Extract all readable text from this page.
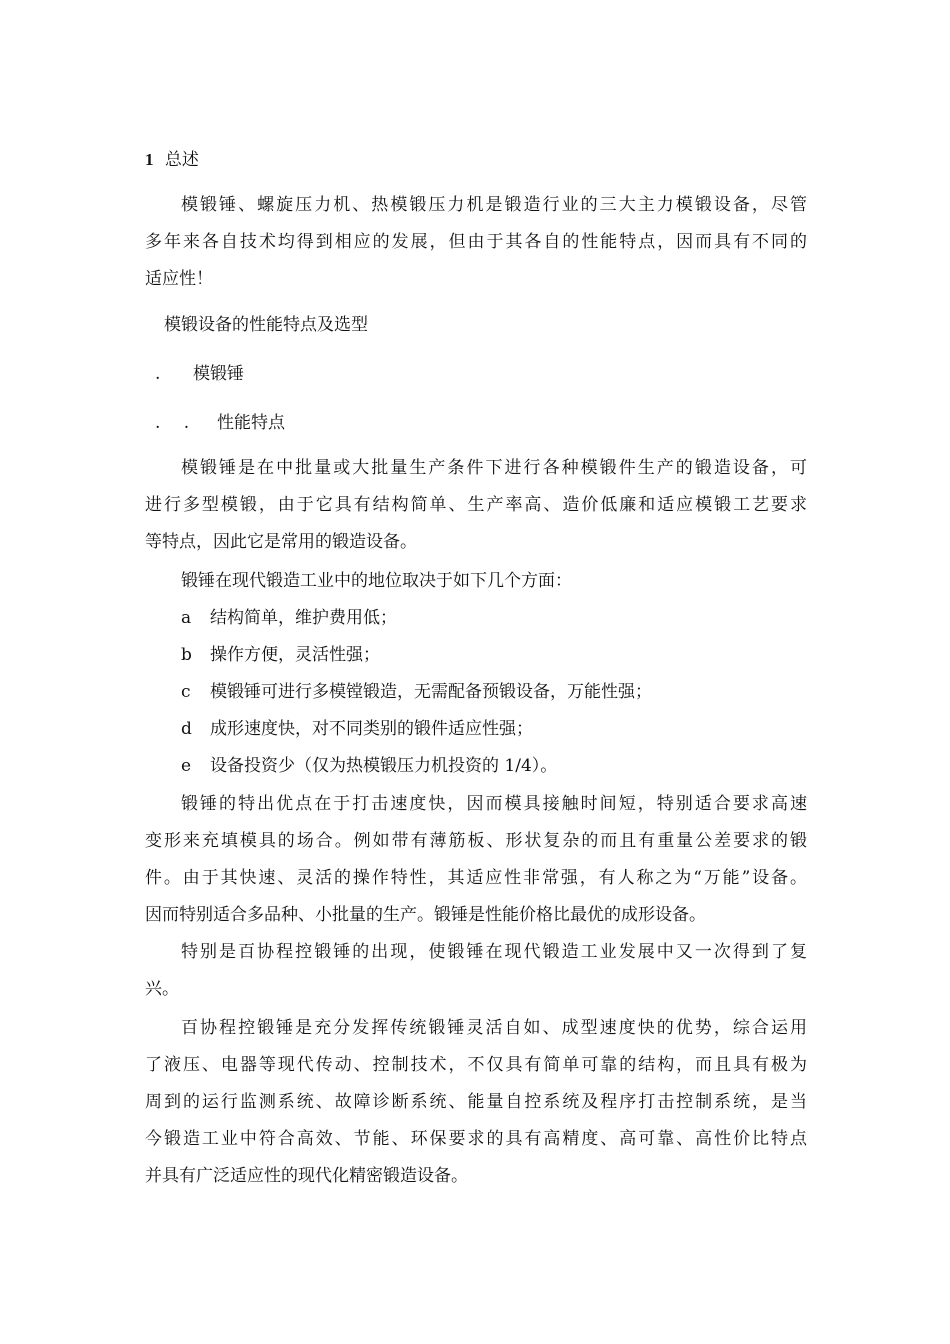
1 总述
模锻锤、螺旋压力机、热模锻压力机是锻造行业的三大主力模锻设备，尽管
多年来各自技术均得到相应的发展，但由于其各自的性能特点，因而具有不同的
适应性！
模锻设备的性能特点及选型
. 模锻锤
. . 性能特点
模锻锤是在中批量或大批量生产条件下进行各种模锻件生产的锻造设备，可
进行多型模锻，由于它具有结构简单、生产率高、造价低廉和适应模锻工艺要求
等特点，因此它是常用的锻造设备。
锻锤在现代锻造工业中的地位取决于如下几个方面：
a 结构简单，维护费用低；
b 操作方便，灵活性强；
c 模锻锤可进行多模镗锻造，无需配备预锻设备，万能性强；
d 成形速度快，对不同类别的锻件适应性强；
e 设备投资少（仅为热模锻压力机投资的 1/4）。
锻锤的特出优点在于打击速度快，因而模具接触时间短，特别适合要求高速
变形来充填模具的场合。例如带有薄筋板、形状复杂的而且有重量公差要求的锻
件。由于其快速、灵活的操作特性，其适应性非常强，有人称之为“万能”设备。
因而特别适合多品种、小批量的生产。锻锤是性能价格比最优的成形设备。
特别是百协程控锻锤的出现，使锻锤在现代锻造工业发展中又一次得到了复
兴。
百协程控锻锤是充分发挥传统锻锤灵活自如、成型速度快的优势，综合运用
了液压、电器等现代传动、控制技术，不仅具有简单可靠的结构，而且具有极为
周到的运行监测系统、故障诊断系统、能量自控系统及程序打击控制系统，是当
今锻造工业中符合高效、节能、环保要求的具有高精度、高可靠、高性价比特点
并具有广泛适应性的现代化精密锻造设备。
